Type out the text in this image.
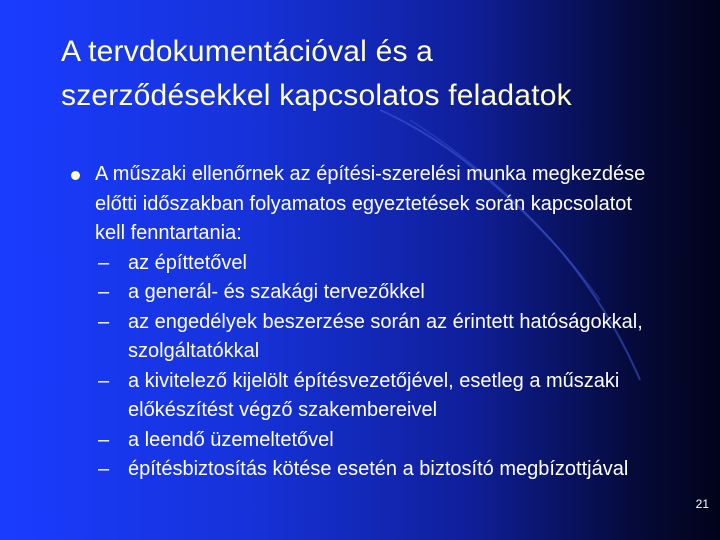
A tervdokumentációval és a szerződésekkel kapcsolatos feladatok
A műszaki ellenőrnek az építési-szerelési munka megkezdése előtti időszakban folyamatos egyeztetések során kapcsolatot kell fenntartania:
– az építtetővel
– a generál- és szakági tervezőkkel
– az engedélyek beszerzése során az érintett hatóságokkal, szolgáltatókkal
– a kivitelező kijelölt építésvezetőjével, esetleg a műszaki előkészítést végző szakembereivel
– a leendő üzemeltetővel
– építésbiztosítás kötése esetén a biztosító megbízottjával
21
